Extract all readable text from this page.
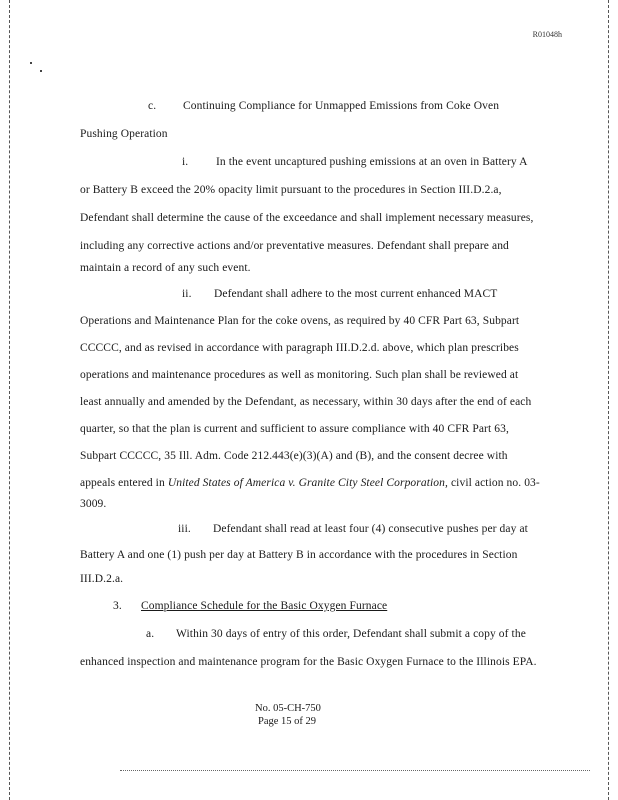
R01048h
c. Continuing Compliance for Unmapped Emissions from Coke Oven
Pushing Operation
i. In the event uncaptured pushing emissions at an oven in Battery A
or Battery B exceed the 20% opacity limit pursuant to the procedures in Section III.D.2.a,
Defendant shall determine the cause of the exceedance and shall implement necessary measures,
including any corrective actions and/or preventative measures. Defendant shall prepare and
maintain a record of any such event.
ii. Defendant shall adhere to the most current enhanced MACT
Operations and Maintenance Plan for the coke ovens, as required by 40 CFR Part 63, Subpart
CCCCC, and as revised in accordance with paragraph III.D.2.d. above, which plan prescribes
operations and maintenance procedures as well as monitoring. Such plan shall be reviewed at
least annually and amended by the Defendant, as necessary, within 30 days after the end of each
quarter, so that the plan is current and sufficient to assure compliance with 40 CFR Part 63,
Subpart CCCCC, 35 Ill. Adm. Code 212.443(e)(3)(A) and (B), and the consent decree with
appeals entered in United States of America v. Granite City Steel Corporation, civil action no. 03-
3009.
iii. Defendant shall read at least four (4) consecutive pushes per day at
Battery A and one (1) push per day at Battery B in accordance with the procedures in Section
III.D.2.a.
3. Compliance Schedule for the Basic Oxygen Furnace
a. Within 30 days of entry of this order, Defendant shall submit a copy of the
enhanced inspection and maintenance program for the Basic Oxygen Furnace to the Illinois EPA.
No. 05-CH-750
Page 15 of 29
